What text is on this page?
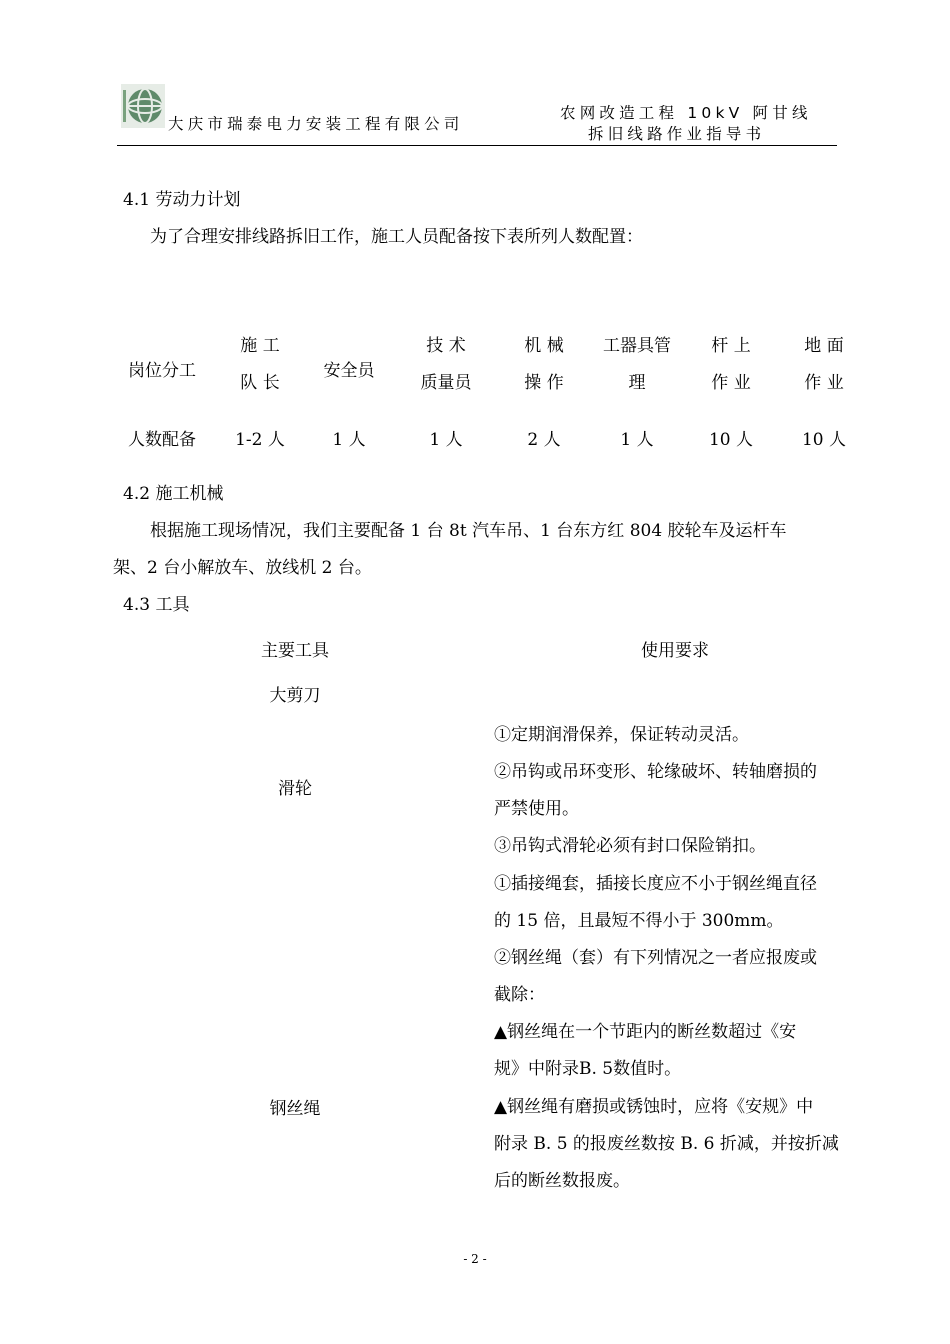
大庆市瑞泰电力安装工程有限公司
农网改造工程 10kV 阿甘线
拆旧线路作业指导书
4.1 劳动力计划
为了合理安排线路拆旧工作，施工人员配备按下表所列人数配置：
岗位分工
人数配备
施 工
队 长
1-2 人
安全员
1 人
技 术
质量员
1 人
机 械
操 作
2 人
工器具管
理
1 人
杆 上
作 业
10 人
地 面
作 业
10 人
4.2 施工机械
根据施工现场情况，我们主要配备 1 台 8t 汽车吊、1 台东方红 804 胶轮车及运杆车
架、2 台小解放车、放线机 2 台。
4.3 工具
主要工具	使用要求
大剪刀
滑轮
①定期润滑保养，保证转动灵活。
②吊钩或吊环变形、轮缘破坏、转轴磨损的
严禁使用。
③吊钩式滑轮必须有封口保险销扣。
钢丝绳
①插接绳套，插接长度应不小于钢丝绳直径
的 15 倍，且最短不得小于 300mm。
②钢丝绳（套）有下列情况之一者应报废或
截除：
▲钢丝绳在一个节距内的断丝数超过《安
规》中附录B. 5数值时。
▲钢丝绳有磨损或锈蚀时，应将《安规》中
附录 B. 5 的报废丝数按 B. 6 折减，并按折减
后的断丝数报废。
- 2 -
